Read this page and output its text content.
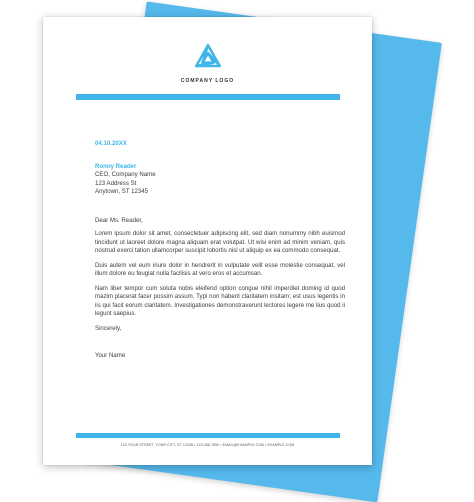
COMPANY LOGO
04.10.20XX
Ronny Reader
CEO, Company Name
123 Address St
Anytown, ST 12345
Dear Ms. Reader,

Lorem ipsum dolor sit amet, consectetuer adipiscing elit, sed diam nonummy nibh euismod tincidunt ut laoreet dolore magna aliquam erat volutpat. Ut wisi enim ad minim veniam, quis nostrud exerci tation ullamcorper suscipit lobortis nisl ut aliquip ex ea commodo consequat.

Duis autem vel eum iriure dolor in hendrerit in vulputate velit esse molestie consequat, vel illum dolore eu feugiat nulla facilisis at vero eros et accumsan.

Nam liber tempor cum soluta nobis eleifend option congue nihil imperdiet doming id quod mazim placerat facer possim assum. Typi non habent claritatem insitam; est usus legentis in iis qui facit eorum claritatem. Investigationes demonstraverunt lectores legere me lius quod ii legunt saepius.

Sincerely,
Your Name
123 YOUR STREET, YOUR CITY, ST 12345 • 123.456.7890 • EMAIL@EXAMPLE.COM • EXAMPLE.COM
